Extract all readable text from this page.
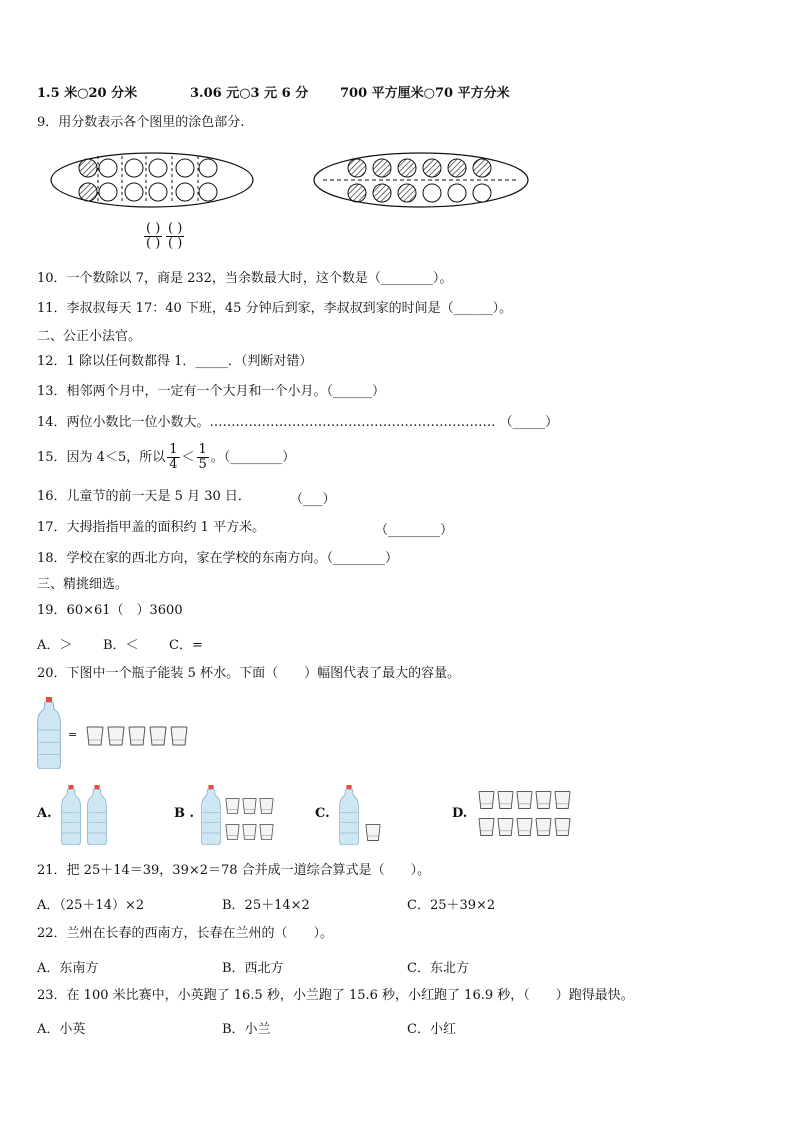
1.5 米○20 分米	3.06 元○3 元 6 分 700 平方厘米○70 平方分米
9．用分数表示各个图里的涂色部分.
$\frac{( )}{( )} \frac{( )}{( )}$
10．一个数除以 7，商是 232，当余数最大时，这个数是（________）。
11．李叔叔每天 17：40 下班，45 分钟后到家，李叔叔到家的时间是（______）。
二、公正小法官。
12．1 除以任何数都得 1．_____．（判断对错）
13．相邻两个月中，一定有一个大月和一个小月。（______）
14．两位小数比一位小数大。………………………………………………………… （_____）
15．因为 4＜5，所以 $\frac{1}{4} < \frac{1}{5}$ 。（________）
16．儿童节的前一天是 5 月 30 日．	（___）
17．大拇指指甲盖的面积约 1 平方米。	（________）
18．学校在家的西北方向，家在学校的东南方向。（________）
三、精挑细选。
19．60×61（　）3600
A．＞ B．＜ C．=
20．下图中一个瓶子能装 5 杯水。下面（　　）幅图代表了最大的容量。
=
A.	B .	C.	D.
21．把 25＋14＝39，39×2＝78 合并成一道综合算式是（　　）。
A．（25＋14）×2	B．25＋14×2	C．25＋39×2
22．兰州在长春的西南方，长春在兰州的（　　）。
A．东南方	B．西北方	C．东北方
23．在 100 米比赛中，小英跑了 16.5 秒，小兰跑了 15.6 秒，小红跑了 16.9 秒，（　　）跑得最快。
A．小英	B．小兰	C．小红
